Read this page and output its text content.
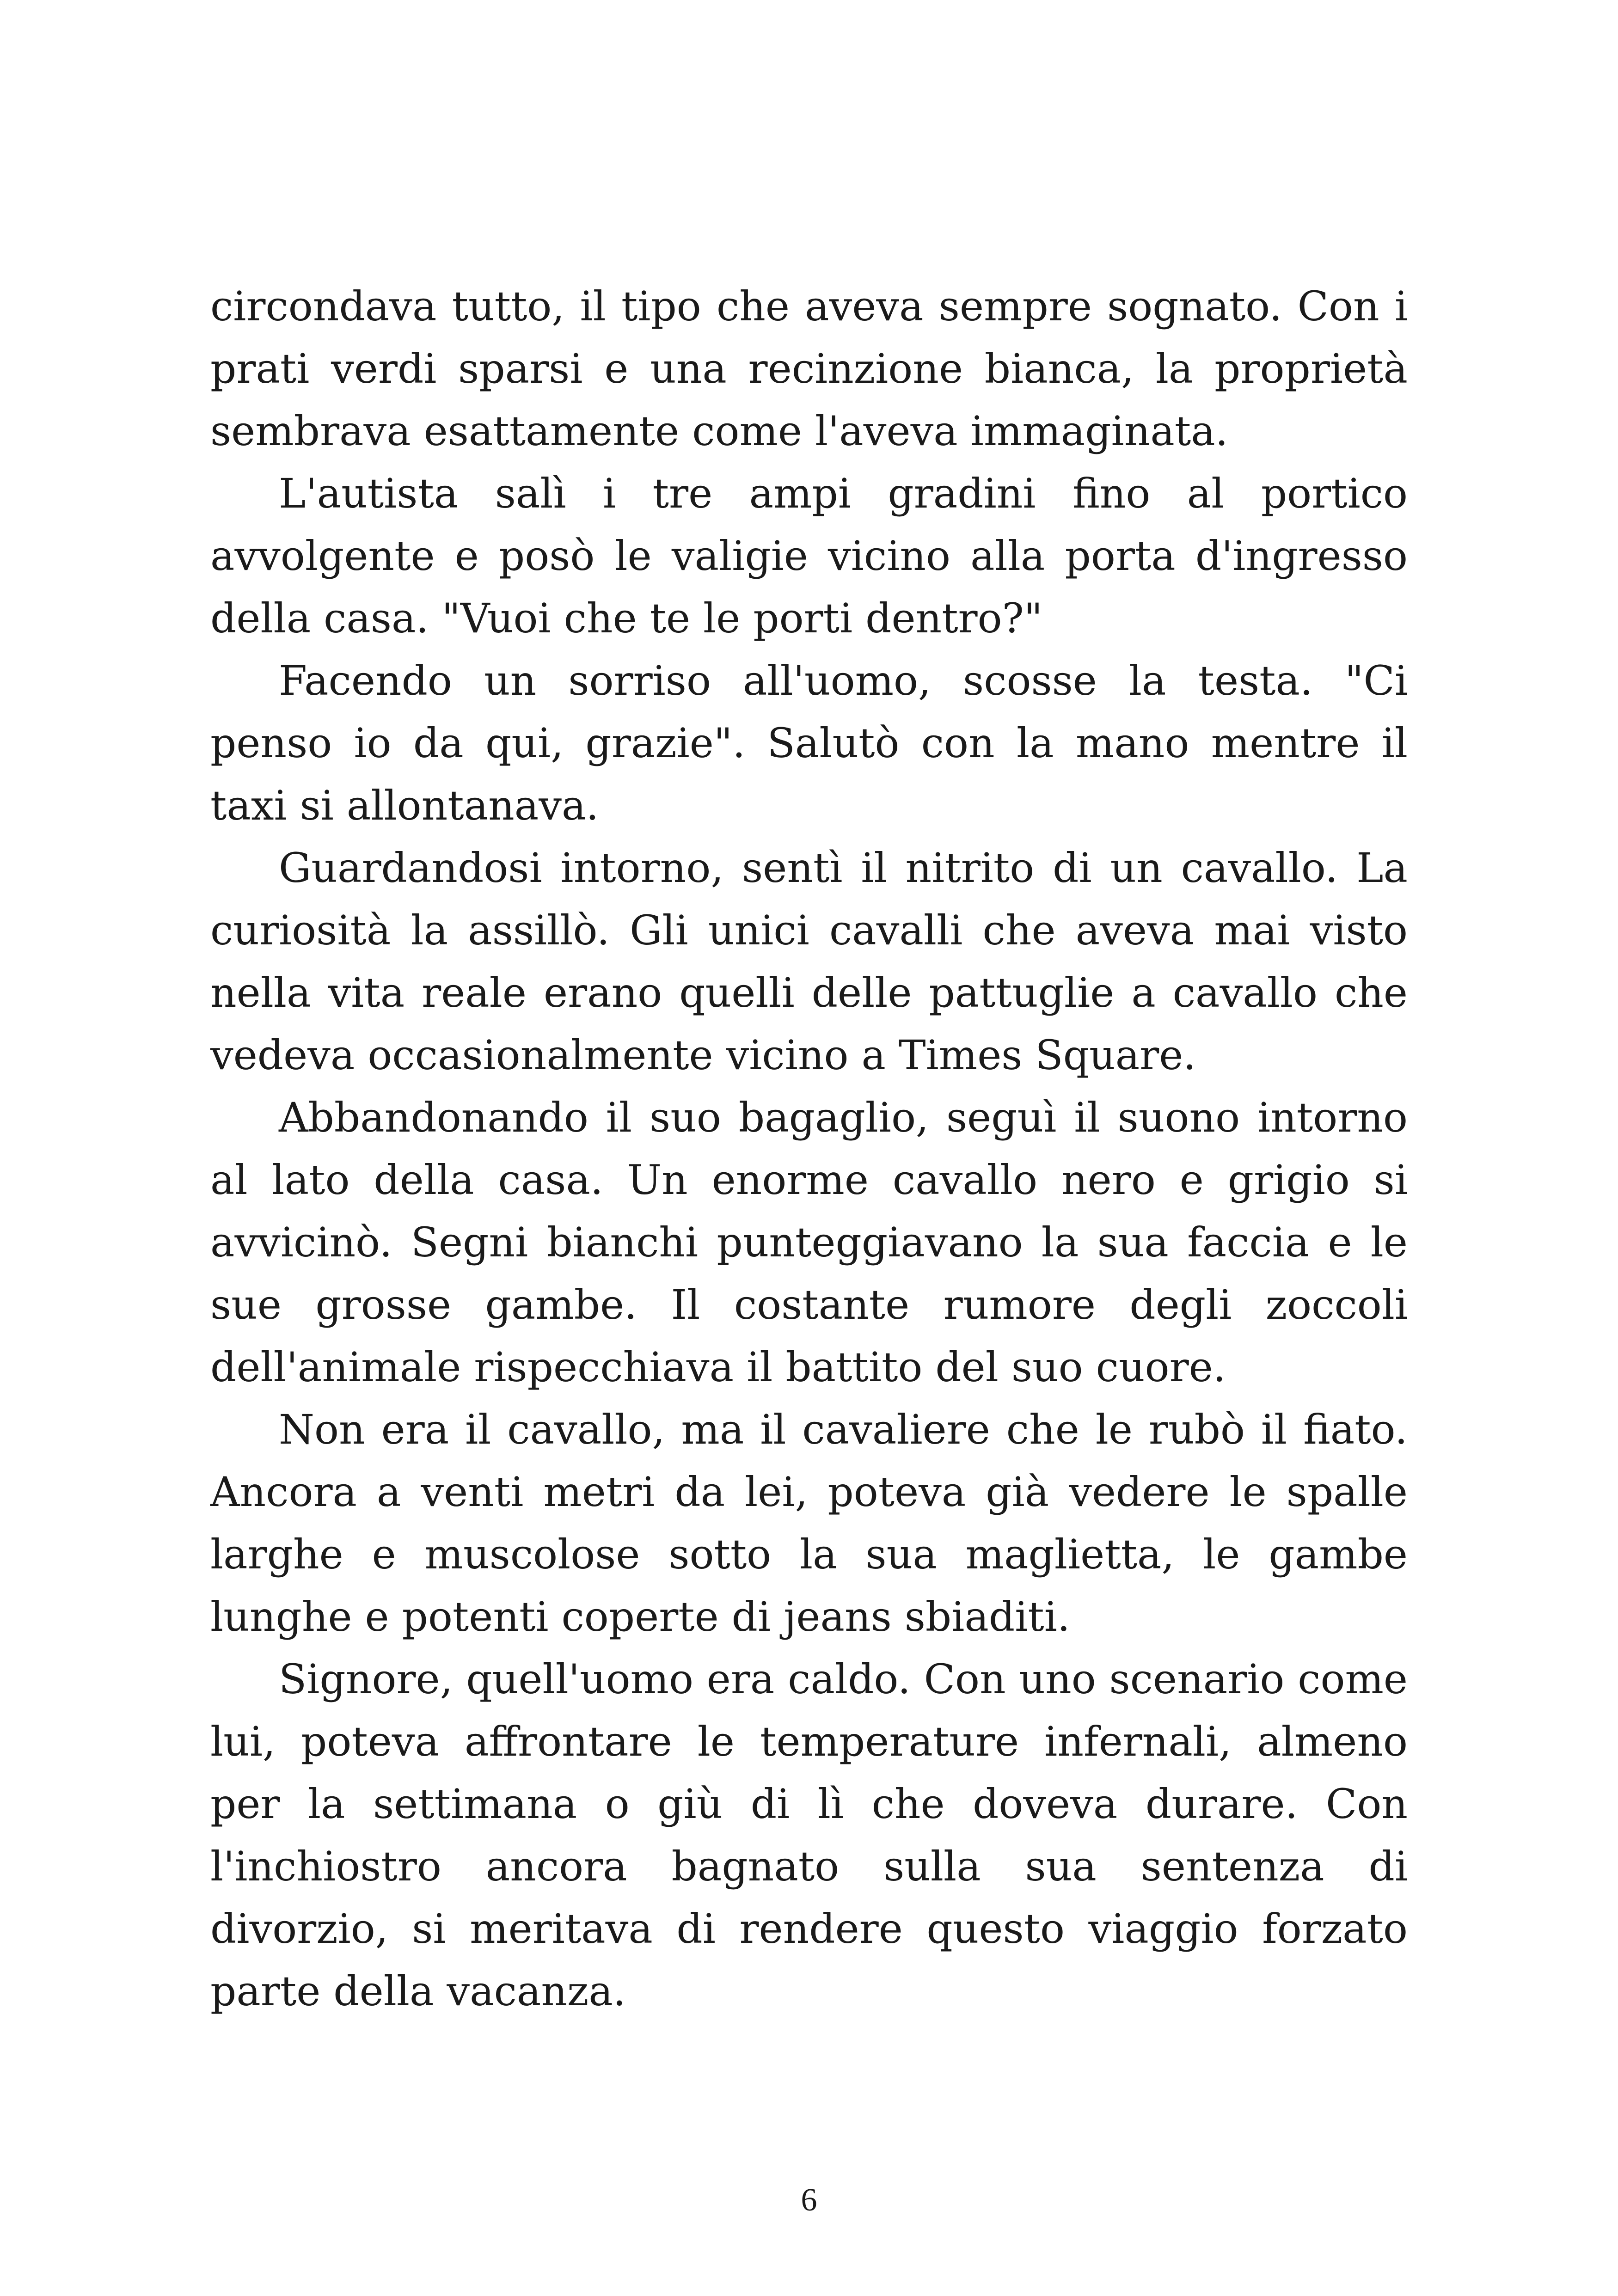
circondava tutto, il tipo che aveva sempre sognato. Con i prati verdi sparsi e una recinzione bianca, la proprietà sembrava esattamente come l'aveva immaginata.

L'autista salì i tre ampi gradini fino al portico avvolgente e posò le valigie vicino alla porta d'ingresso della casa. "Vuoi che te le porti dentro?"

Facendo un sorriso all'uomo, scosse la testa. "Ci penso io da qui, grazie". Salutò con la mano mentre il taxi si allontanava.

Guardandosi intorno, sentì il nitrito di un cavallo. La curiosità la assillò. Gli unici cavalli che aveva mai visto nella vita reale erano quelli delle pattuglie a cavallo che vedeva occasionalmente vicino a Times Square.

Abbandonando il suo bagaglio, seguì il suono intorno al lato della casa. Un enorme cavallo nero e grigio si avvicinò. Segni bianchi punteggiavano la sua faccia e le sue grosse gambe. Il costante rumore degli zoccoli dell'animale rispecchiava il battito del suo cuore.

Non era il cavallo, ma il cavaliere che le rubò il fiato. Ancora a venti metri da lei, poteva già vedere le spalle larghe e muscolose sotto la sua maglietta, le gambe lunghe e potenti coperte di jeans sbiaditi.

Signore, quell'uomo era caldo. Con uno scenario come lui, poteva affrontare le temperature infernali, almeno per la settimana o giù di lì che doveva durare. Con l'inchiostro ancora bagnato sulla sua sentenza di divorzio, si meritava di rendere questo viaggio forzato parte della vacanza.

6
